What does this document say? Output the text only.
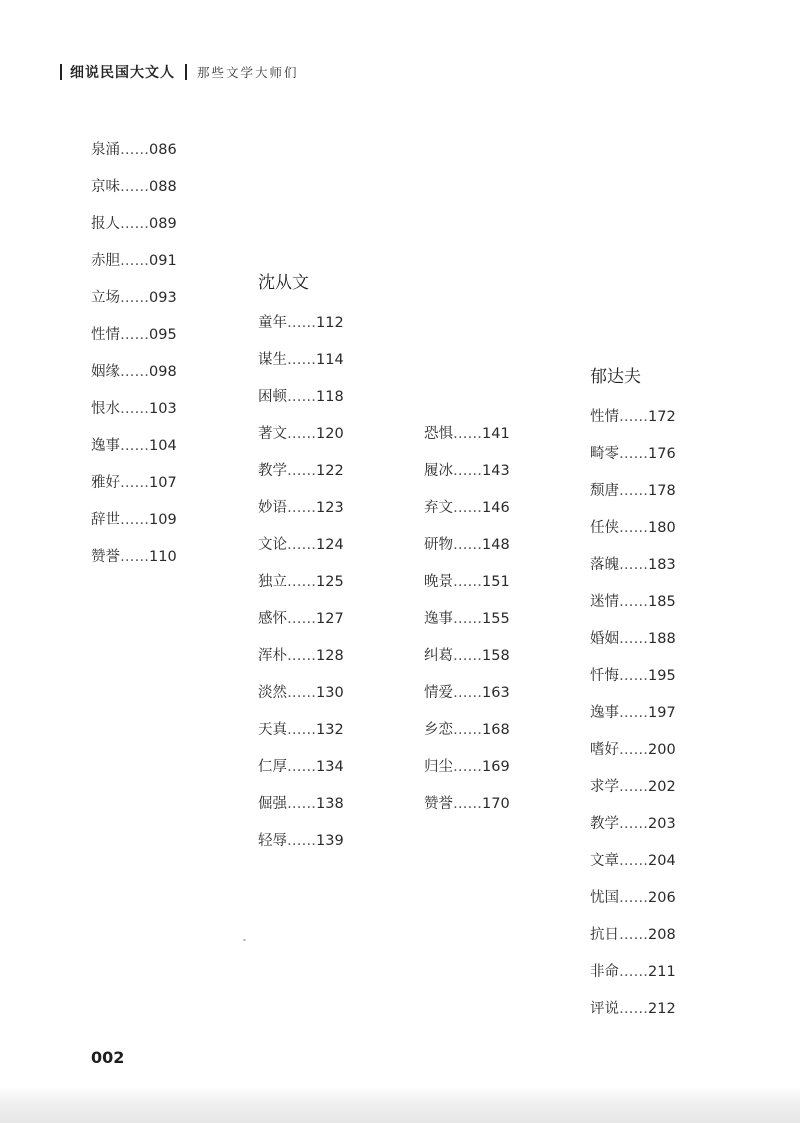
细说民国大文人 那些文学大师们
泉涌……086
京味……088
报人……089
赤胆……091
立场……093
性情……095
姻缘……098
恨水……103
逸事……104
雅好……107
辞世……109
赞誉……110
沈从文
童年……112
谋生……114
困顿……118
著文……120
教学……122
妙语……123
文论……124
独立……125
感怀……127
浑朴……128
淡然……130
天真……132
仁厚……134
倔强……138
轻辱……139
恐惧……141
履冰……143
弃文……146
研物……148
晚景……151
逸事……155
纠葛……158
情爱……163
乡恋……168
归尘……169
赞誉……170
郁达夫
性情……172
畸零……176
颓唐……178
任侠……180
落魄……183
迷情……185
婚姻……188
忏悔……195
逸事……197
嗜好……200
求学……202
教学……203
文章……204
忧国……206
抗日……208
非命……211
评说……212
002
